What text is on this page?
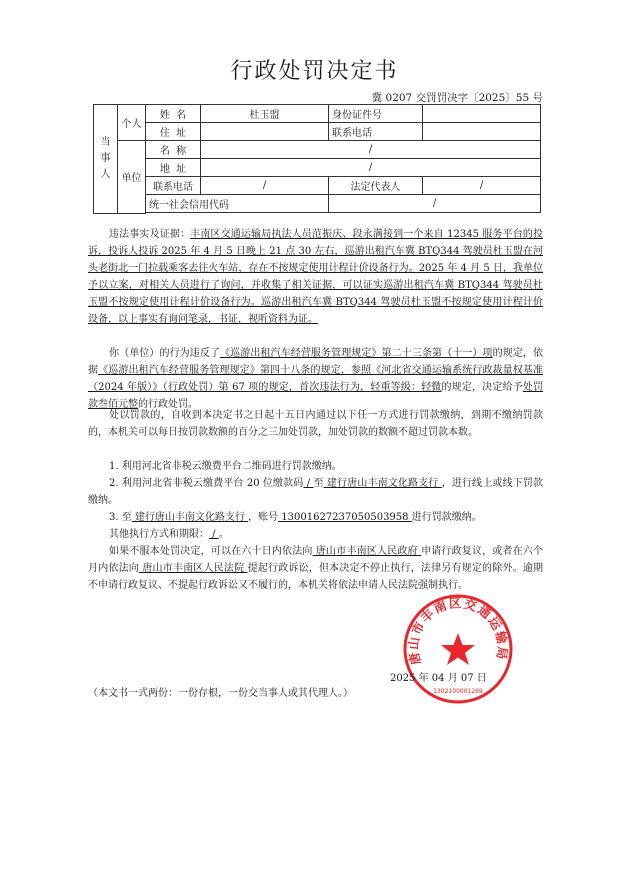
行政处罚决定书
冀 0207 交罚罚决字〔2025〕55 号
当事人	个人	姓  名	杜玉盟	身份证件号	
		住  址		联系电话	
	单位	名  称	/		
		地  址	/		
		联系电话	/	法定代表人	/
		统一社会信用代码		/	

违法事实及证据：丰南区交通运输局执法人员范振庆、段永满接到一个来自 12345 服务平台的投诉，投诉人投诉 2025 年 4 月 5 日晚上 21 点 30 左右，巡游出租汽车冀 BTQ344 驾驶员杜玉盟在河头老街北一门拉载乘客去往火车站，存在不按规定使用计程计价设备行为。2025 年 4 月 5 日，我单位予以立案，对相关人员进行了询问，并收集了相关证据，可以证实巡游出租汽车冀 BTQ344 驾驶员杜玉盟不按规定使用计程计价设备行为。巡游出租汽车冀 BTQ344 驾驶员杜玉盟不按规定使用计程计价设备，以上事实有询问笔录，书证，视听资料为证。

你（单位）的行为违反了《巡游出租汽车经营服务管理规定》第二十三条第（十一）项的规定，依据《巡游出租汽车经营服务管理规定》第四十八条的规定，参照《河北省交通运输系统行政裁量权基准（2024 年版）》（行政处罚）第 67 项的规定，首次违法行为，轻重等级：轻微的规定，决定给予处罚款叁佰元整的行政处罚。

处以罚款的，自收到本决定书之日起十五日内通过以下任一方式进行罚款缴纳，到期不缴纳罚款的，本机关可以每日按罚款数额的百分之三加处罚款，加处罚款的数额不超过罚款本数。

1. 利用河北省非税云缴费平台二维码进行罚款缴纳。

2. 利用河北省非税云缴费平台 20 位缴款码 / 至 建行唐山丰南文化路支行 ，进行线上或线下罚款缴纳。

3. 至 建行唐山丰南文化路支行 ，账号 13001627237050503958 进行罚款缴纳。
其他执行方式和期限： / 。

如果不服本处罚决定，可以在六十日内依法向 唐山市丰南区人民政府 申请行政复议，或者在六个月内依法向 唐山市丰南区人民法院 提起行政诉讼，但本决定不停止执行，法律另有规定的除外。逾期不申请行政复议、不提起行政诉讼又不履行的，本机关将依法申请人民法院强制执行。

唐山市丰南区交通运输局
1302100001269
2025 年 04 月 07 日
（本文书一式两份：一份存根，一份交当事人或其代理人。）
